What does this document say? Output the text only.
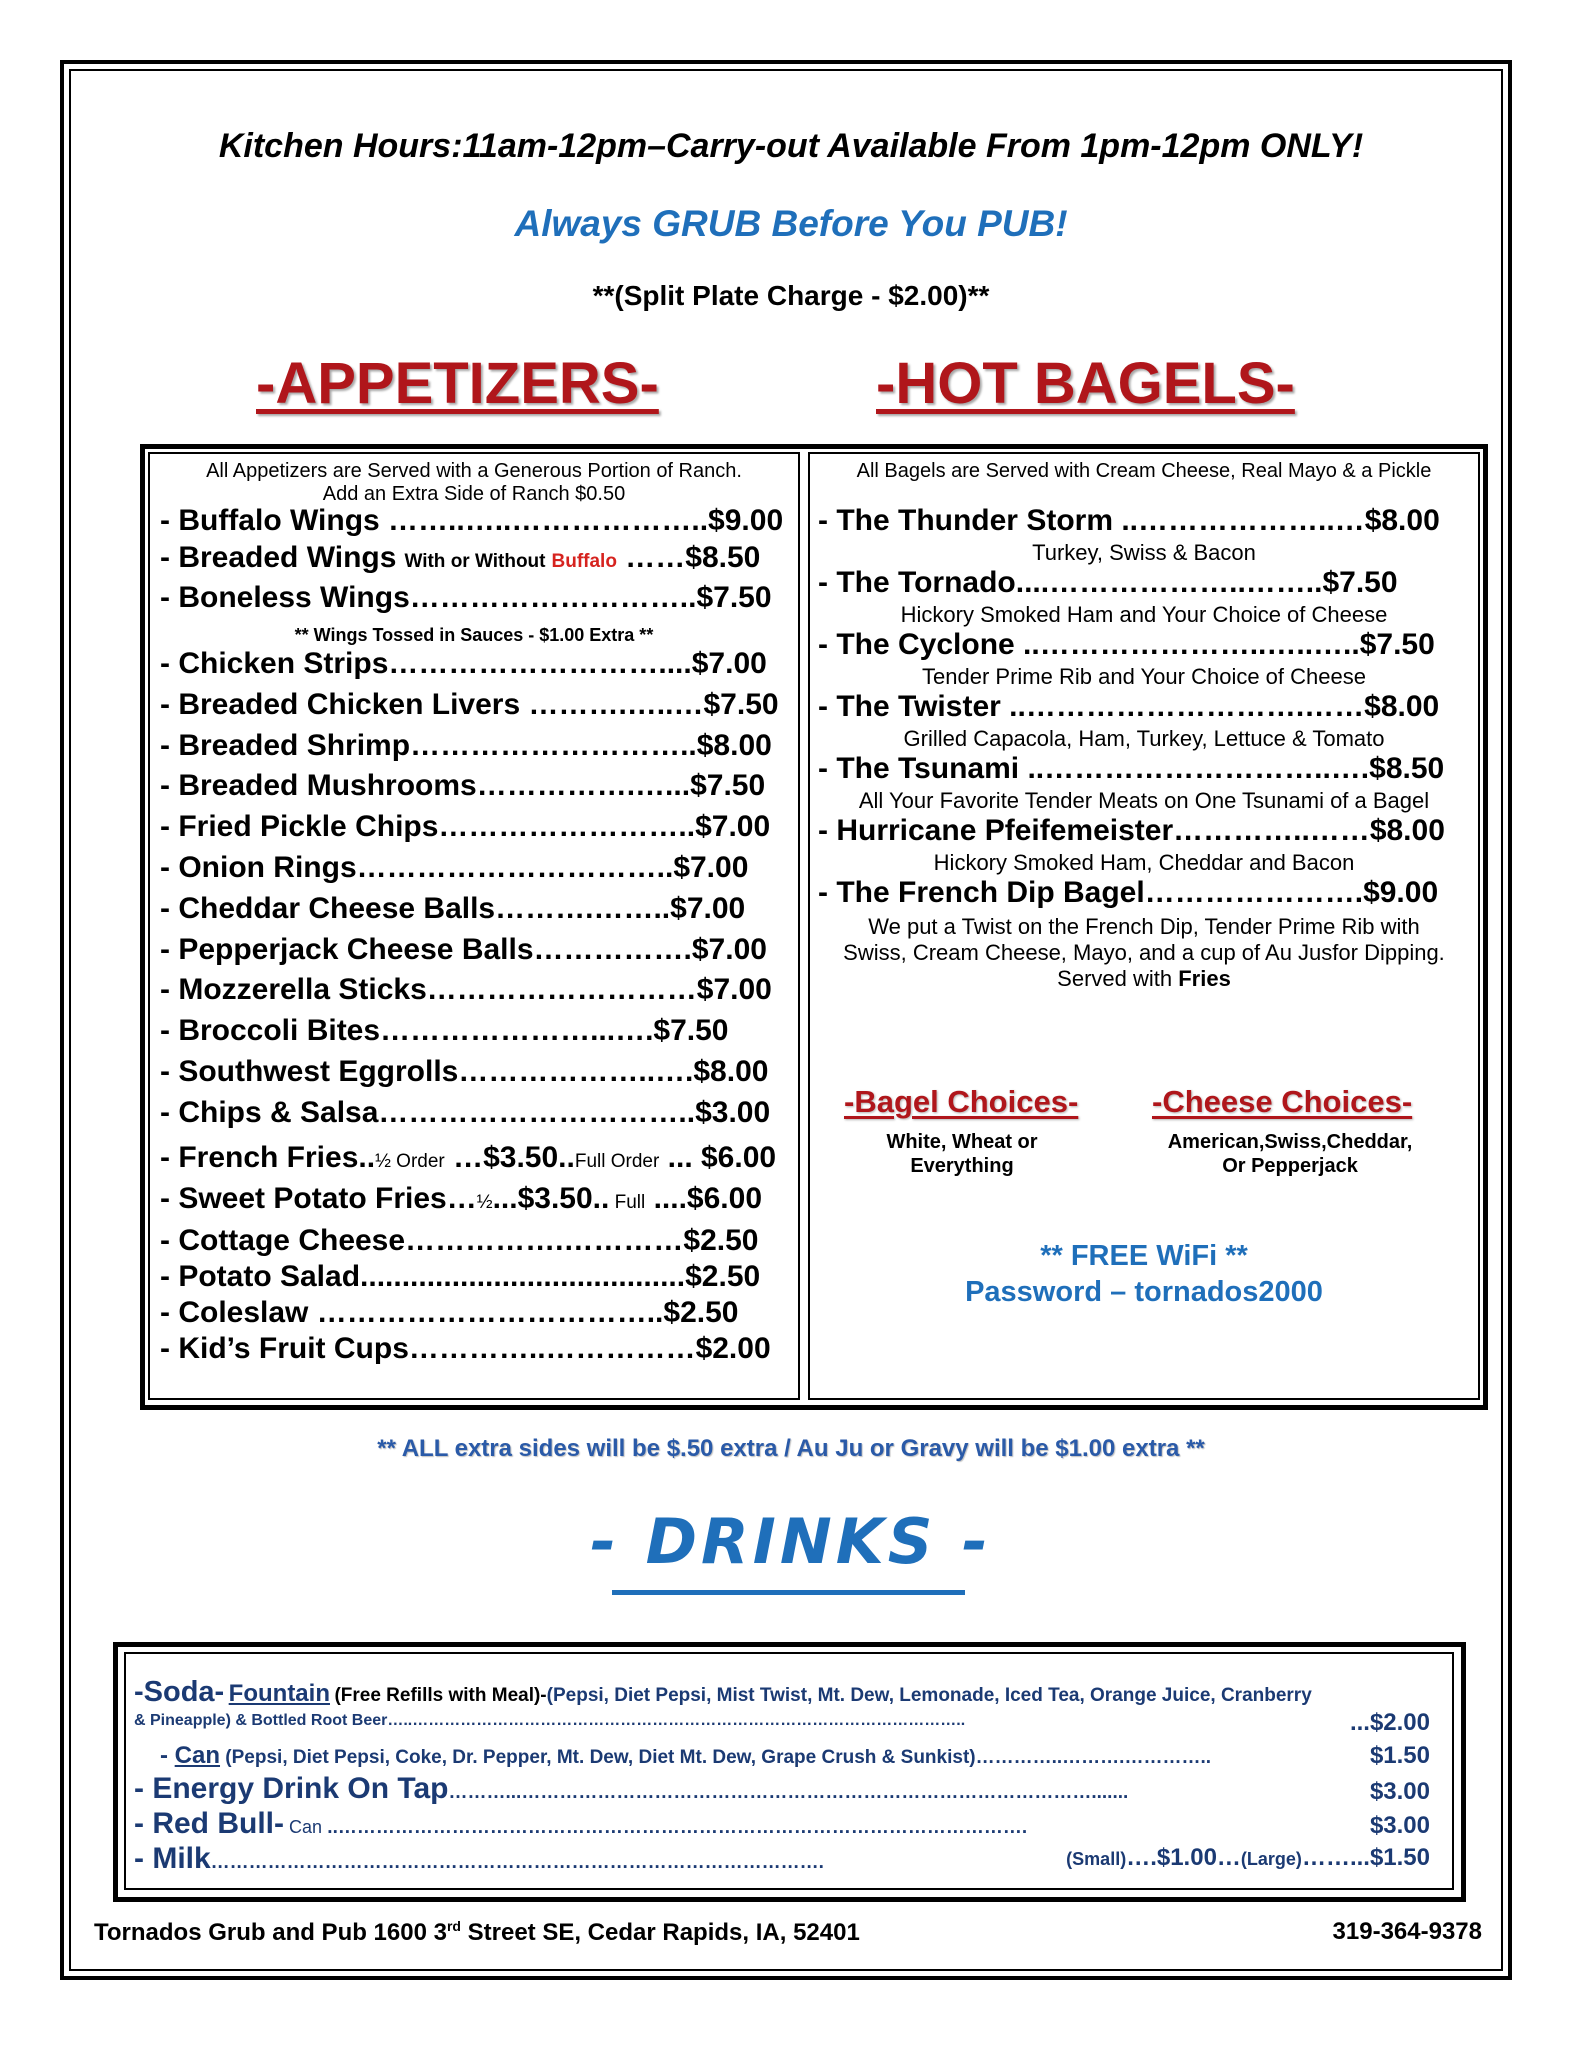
Kitchen Hours:11am-12pm–Carry-out Available From 1pm-12pm ONLY!
Always GRUB Before You PUB!
**(Split Plate Charge - $2.00)**
-APPETIZERS-	-HOT BAGELS-
All Appetizers are Served with a Generous Portion of Ranch.
Add an Extra Side of Ranch $0.50
- Buffalo Wings ……..…..………………..$9.00
- Breaded Wings With or Without Buffalo ……$8.50
- Boneless Wings………………………..$7.50
- Chicken Strips………………………....$7.00
- Breaded Chicken Livers ……….…..…$7.50
- Breaded Shrimp………………………..$8.00
- Breaded Mushrooms…………….…...$7.50
- Fried Pickle Chips……………………..$7.00
- Onion Rings…………………………..$7.00
- Cheddar Cheese Balls……….……..$7.00
- Pepperjack Cheese Balls…………….$7.00
- Mozzerella Sticks………………………$7.00
- Broccoli Bites…………………...….$7.50
- Southwest Eggrolls………………..….$8.00
- Chips & Salsa…………………………..$3.00
** Wings Tossed in Sauces - $1.00 Extra **
- French Fries..½ Order …$3.50..Full Order ... $6.00
- Sweet Potato Fries…½...$3.50.. Full ....$6.00
- Cottage Cheese…………….…………$2.50
- Potato Salad.......................................$2.50
- Coleslaw ……………………………..$2.50
- Kid’s Fruit Cups…………..……………$2.00
All Bagels are Served with Cream Cheese, Real Mayo & a Pickle
- The Thunder Storm ..………………..…$8.00
Turkey, Swiss & Bacon
- The Tornado....………………..……..$7.50
Hickory Smoked Ham and Your Choice of Cheese
- The Cyclone ..…………………..…..…..$7.50
Tender Prime Rib and Your Choice of Cheese
- The Twister ..……………………….……$8.00
Grilled Capacola, Ham, Turkey, Lettuce & Tomato
- The Tsunami ..………………………..….$8.50
All Your Favorite Tender Meats on One Tsunami of a Bagel
- Hurricane Pfeifemeister…………..……$8.00
Hickory Smoked Ham, Cheddar and Bacon
- The French Dip Bagel………………….$9.00
We put a Twist on the French Dip, Tender Prime Rib with
Swiss, Cream Cheese, Mayo, and a cup of Au Jusfor Dipping.
Served with Fries
-Bagel Choices-
White, Wheat or Everything
-Cheese Choices-
American,Swiss,Cheddar,
Or Pepperjack
** FREE WiFi **
Password – tornados2000
** ALL extra sides will be $.50 extra / Au Ju or Gravy will be $1.00 extra **
- DRINKS -
-Soda- Fountain (Free Refills with Meal)-(Pepsi, Diet Pepsi, Mist Twist, Mt. Dew, Lemonade, Iced Tea, Orange Juice, Cranberry
& Pineapple) & Bottled Root Beer…..…………………………………………………………………………………………..	...$2.00
- Can (Pepsi, Diet Pepsi, Coke, Dr. Pepper, Mt. Dew, Diet Mt. Dew, Grape Crush & Sunkist)…………..……….…………..	$1.50
- Energy Drink On Tap………...……………………………………………………………………………….......	$3.00
- Red Bull- Can ..……………………………………………………………………………………………….	$3.00
- Milk…………………………………………………………………………………….	(Small)….$1.00…(Large)……...$1.50
Tornados Grub and Pub 1600 3rd Street SE, Cedar Rapids, IA, 52401	319-364-9378
